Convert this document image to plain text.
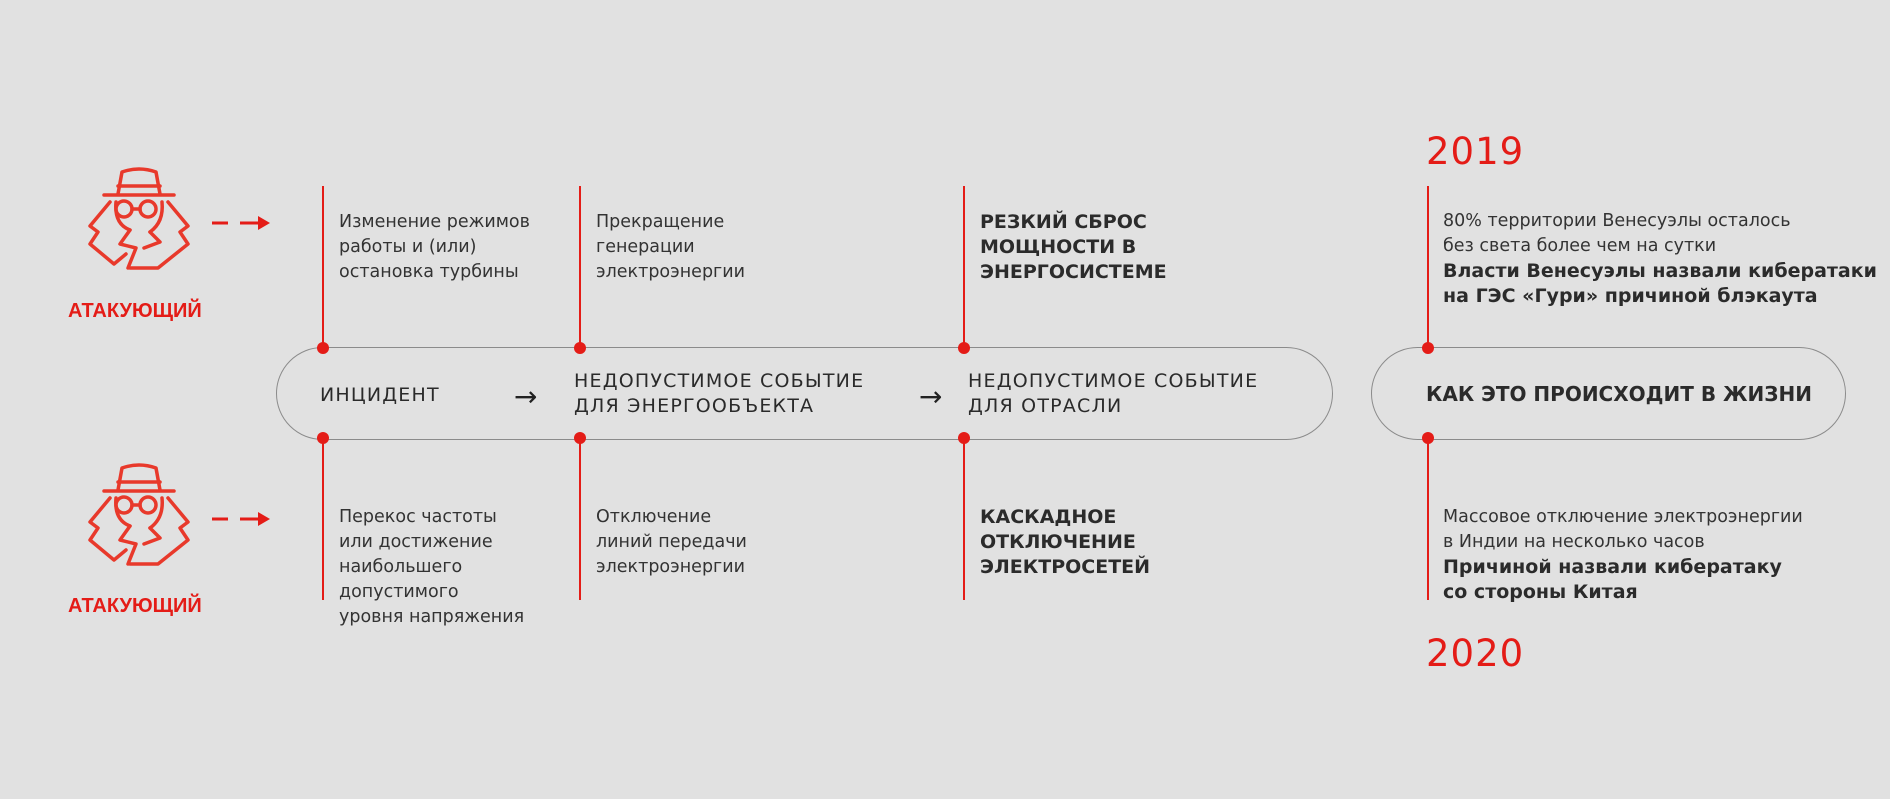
АТАКУЮЩИЙ
АТАКУЮЩИЙ
ИНЦИДЕНТ	→ НЕДОПУСТИМОЕ СОБЫТИЕ
ДЛЯ ЭНЕРГООБЪЕКТА	→ НЕДОПУСТИМОЕ СОБЫТИЕ
ДЛЯ ОТРАСЛИ	КАК ЭТО ПРОИСХОДИТ В ЖИЗНИ
Изменение режимов
работы и (или)
остановка турбины
Прекращение
генерации
электроэнергии
РЕЗКИЙ СБРОС
МОЩНОСТИ В
ЭНЕРГОСИСТЕМЕ
Перекос частоты
или достижение
наибольшего
допустимого
уровня напряжения
Отключение
линий передачи
электроэнергии
КАСКАДНОЕ
ОТКЛЮЧЕНИЕ
ЭЛЕКТРОСЕТЕЙ
2019
80% территории Венесуэлы осталось
без света более чем на сутки
Власти Венесуэлы назвали кибератаки
на ГЭС «Гури» причиной блэкаута
Массовое отключение электроэнергии
в Индии на несколько часов
Причиной назвали кибератаку
со стороны Китая
2020
